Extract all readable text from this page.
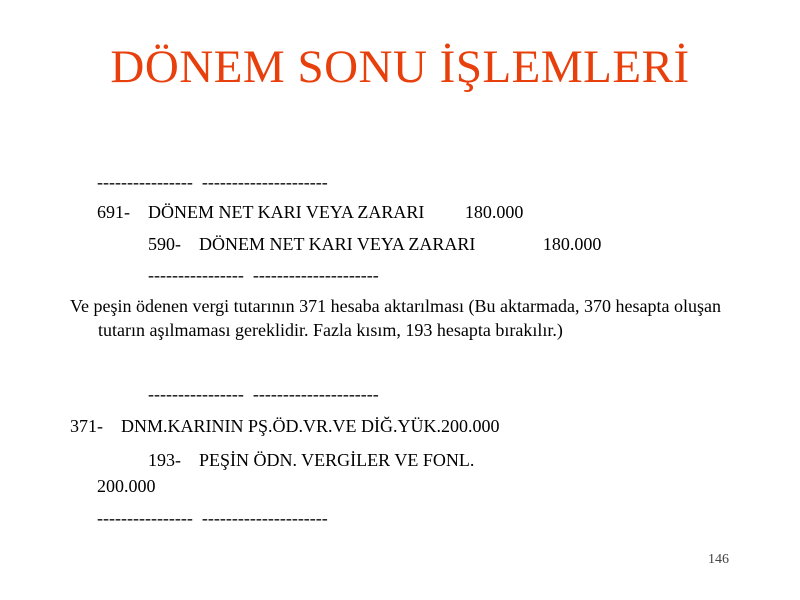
DÖNEM SONU İŞLEMLERİ
----------------  ---------------------
691-    DÖNEM NET KARI VEYA ZARARI         180.000
590-    DÖNEM NET KARI VEYA ZARARI               180.000
----------------  ---------------------
Ve peşin ödenen vergi tutarının 371 hesaba aktarılması (Bu aktarmada, 370 hesapta oluşan tutarın aşılmaması gereklidir. Fazla kısım, 193 hesapta bırakılır.)
----------------  ---------------------
371-    DNM.KARININ PŞ.ÖD.VR.VE DİĞ.YÜK.200.000
193-    PEŞİN ÖDN. VERGİLER VE FONL.
200.000
----------------  ---------------------
146
